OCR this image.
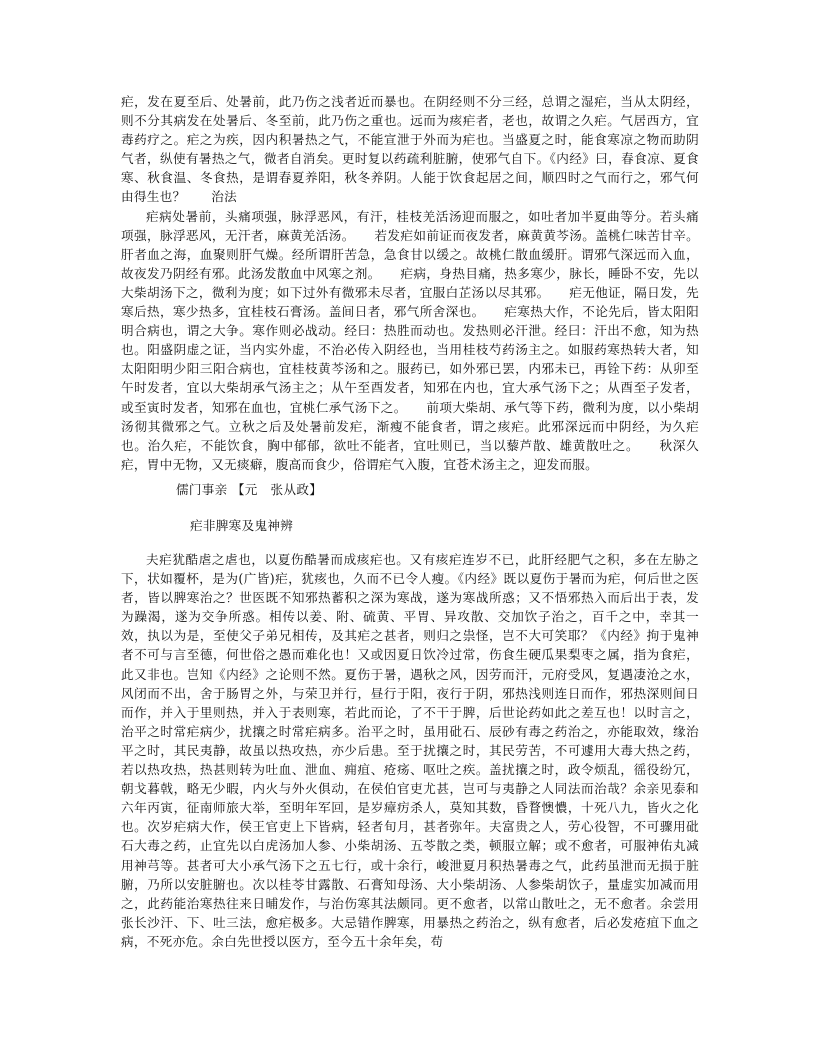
疟，发在夏至后、处暑前，此乃伤之浅者近而暴也。在阴经则不分三经，总谓之湿疟，当从太阴经，则不分其病发在处暑后、冬至前，此乃伤之重也。远而为痎疟者，老也，故谓之久疟。气居西方，宜毒药疗之。疟之为疾，因内积暑热之气，不能宣泄于外而为疟也。当盛夏之时，能食寒凉之物而助阴气者，纵使有暑热之气，微者自消矣。更时复以药疏利脏腑，使邪气自下。《内经》曰，春食凉、夏食寒、秋食温、冬食热，是谓春夏养阳，秋冬养阴。人能于饮食起居之间，顺四时之气而行之，邪气何由得生也？　　治法

疟病处暑前，头痛项强，脉浮恶风，有汗，桂枝羌活汤迎而服之，如吐者加半夏曲等分。若头痛项强，脉浮恶风，无汗者，麻黄羌活汤。　　若发疟如前证而夜发者，麻黄黄芩汤。盖桃仁味苦甘辛。肝者血之海，血聚则肝气燥。经所谓肝苦急，急食甘以缓之。故桃仁散血缓肝。谓邪气深远而入血，故夜发乃阴经有邪。此汤发散血中风寒之剂。　　疟病，身热目痛，热多寒少，脉长，睡卧不安，先以大柴胡汤下之，微利为度；如下过外有微邪未尽者，宜服白芷汤以尽其邪。　　疟无他证，隔日发，先寒后热，寒少热多，宜桂枝石膏汤。盖间日者，邪气所舍深也。　　疟寒热大作，不论先后，皆太阳阳明合病也，谓之大争。寒作则必战动。经曰：热胜而动也。发热则必汗泄。经曰：汗出不愈，知为热也。阳盛阴虚之证，当内实外虚，不治必传入阴经也，当用桂枝芍药汤主之。如服药寒热转大者，知太阳阳明少阳三阳合病也，宜桂枝黄芩汤和之。服药已，如外邪已罢，内邪未已，再铨下药：从卯至午时发者，宜以大柴胡承气汤主之；从午至酉发者，知邪在内也，宜大承气汤下之；从酉至子发者，或至寅时发者，知邪在血也，宜桃仁承气汤下之。　　前项大柴胡、承气等下药，微利为度，以小柴胡汤彻其微邪之气。立秋之后及处暑前发疟，渐瘦不能食者，谓之痎疟。此邪深远而中阴经，为久疟也。治久疟，不能饮食，胸中郁郁，欲吐不能者，宜吐则已，当以藜芦散、雄黄散吐之。　　秋深久疟，胃中无物，又无痰癖，腹高而食少，俗谓疟气入腹，宜苍术汤主之，迎发而服。

儒门事亲 【元　张从政】
疟非脾寒及鬼神辨

夫疟犹酷虐之虐也，以夏伤酷暑而成痎疟也。又有痎疟连岁不已，此肝经肥气之积，多在左胁之下，状如覆杯，是为(广皆)疟，犹痎也，久而不已令人瘦。《内经》既以夏伤于暑而为疟，何后世之医者，皆以脾寒治之？世医既不知邪热蓄积之深为寒战，遂为寒战所惑；又不悟邪热入而后出于表，发为躁渴，遂为交争所惑。相传以姜、附、硫黄、平胃、异攻散、交加饮子治之，百千之中，幸其一效，执以为是，至使父子弟兄相传，及其疟之甚者，则归之祟怪，岂不大可笑耶？《内经》拘于鬼神者不可与言至德，何世俗之愚而难化也！又或因夏日饮冷过常，伤食生硬瓜果梨枣之属，指为食疟，此又非也。岂知《内经》之论则不然。夏伤于暑，遇秋之风，因劳而汗，元府受风，复遇凄沧之水，风闭而不出，舍于肠胃之外，与荣卫并行，昼行于阳，夜行于阴，邪热浅则连日而作，邪热深则间日而作，并入于里则热，并入于表则寒，若此而论，了不干于脾，后世论药如此之差互也！以时言之，治平之时常疟病少，扰攘之时常疟病多。治平之时，虽用砒石、辰砂有毒之药治之，亦能取效，缘治平之时，其民夷静，故虽以热攻热，亦少后患。至于扰攘之时，其民劳苦，不可遽用大毒大热之药，若以热攻热，热甚则转为吐血、泄血、痈疽、疮疡、呕吐之疾。盖扰攘之时，政令烦乱，徭役纷冗，朝戈暮戟，略无少暇，内火与外火俱动，在侯伯官吏尤甚，岂可与夷静之人同法而治哉？余亲见泰和六年丙寅，征南师旅大举，至明年军回，是岁瘴疠杀人，莫知其数，昏瞀懊憹，十死八九，皆火之化也。次岁疟病大作，侯王官吏上下皆病，轻者旬月，甚者弥年。夫富贵之人，劳心役智，不可骤用砒石大毒之药，止宜先以白虎汤加人参、小柴胡汤、五苓散之类，顿服立解；或不愈者，可服神佑丸减用神芎等。甚者可大小承气汤下之五七行，或十余行，峻泄夏月积热暑毒之气，此药虽泄而无损于脏腑，乃所以安脏腑也。次以桂苓甘露散、石膏知母汤、大小柴胡汤、人参柴胡饮子，量虚实加减而用之，此药能治寒热往来日晡发作，与治伤寒其法颇同。更不愈者，以常山散吐之，无不愈者。余尝用张长沙汗、下、吐三法，愈疟极多。大忌错作脾寒，用暴热之药治之，纵有愈者，后必发疮疽下血之病，不死亦危。余白先世授以医方，至今五十余年矣，苟
